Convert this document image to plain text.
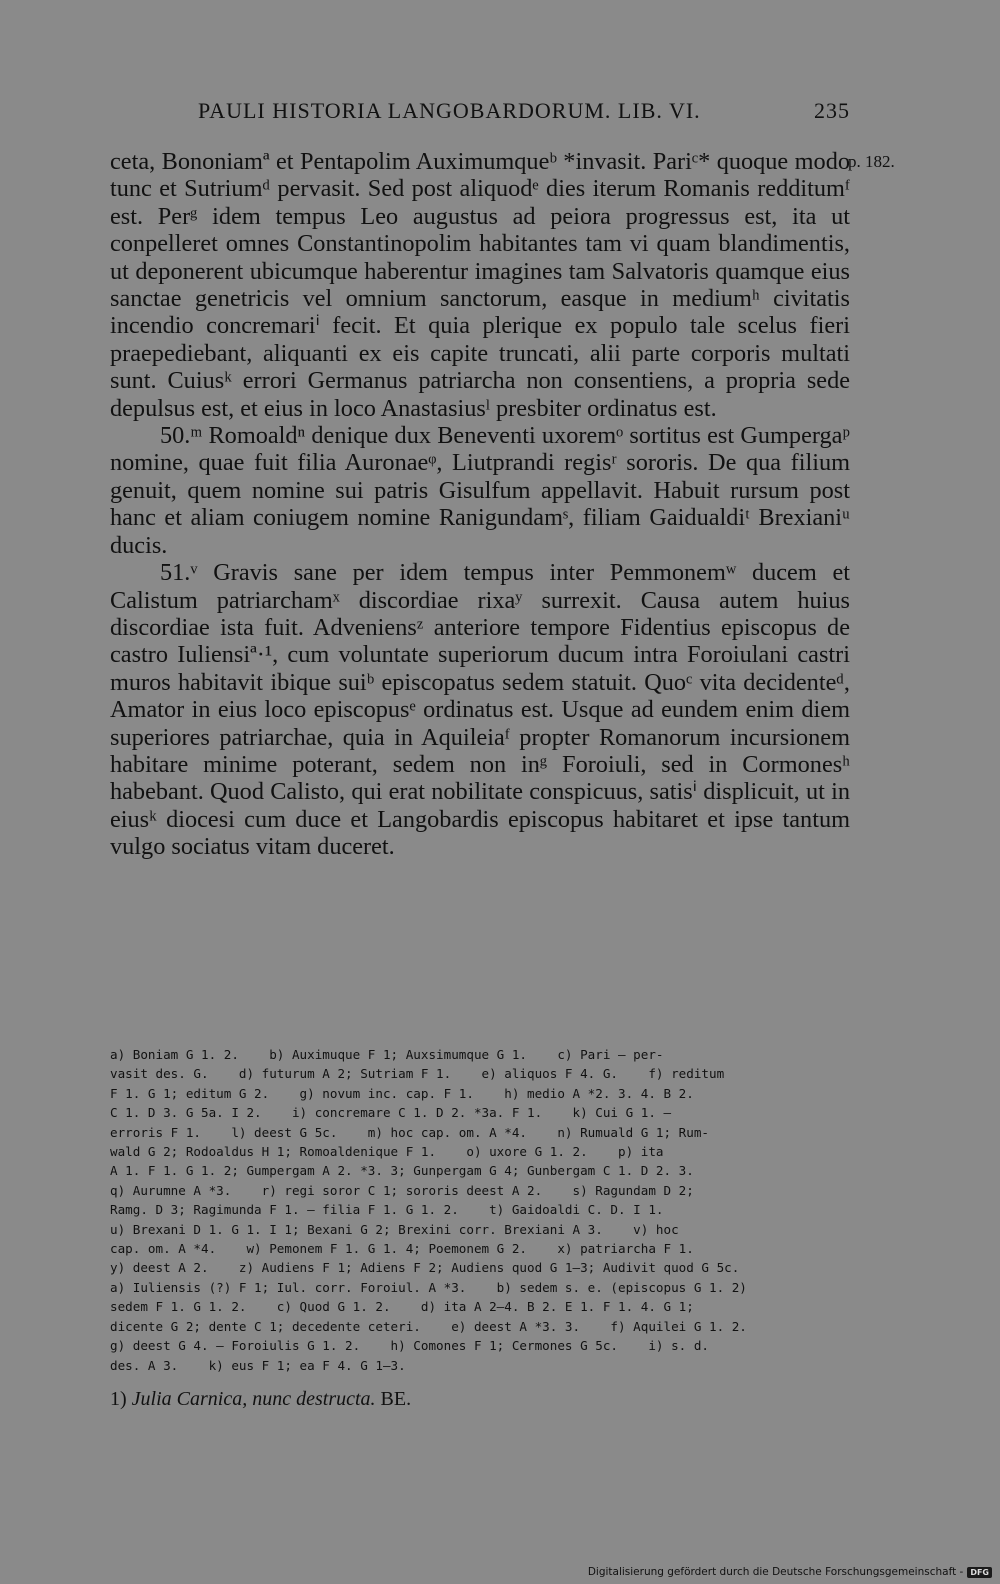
PAULI HISTORIA LANGOBARDORUM. LIB. VI.	235
p. 182.

ceta, Bononiamª et Pentapolim Auximumqueᵇ *invasit. Pariᶜ* quoque modo tunc et Sutriumᵈ pervasit. Sed post aliquodᵉ dies iterum Romanis redditumᶠ est. Perᵍ idem tempus Leo augustus ad peiora progressus est, ita ut conpelleret omnes Constantinopolim habitantes tam vi quam blandimentis, ut deponerent ubicumque haberentur imagines tam Salvatoris quamque eius sanctae genetricis vel omnium sanctorum, easque in mediumʰ civitatis incendio concremariⁱ fecit. Et quia plerique ex populo tale scelus fieri praepediebant, aliquanti ex eis capite truncati, alii parte corporis multati sunt. Cuiusᵏ errori Germanus patriarcha non consentiens, a propria sede depulsus est, et eius in loco Anastasiusˡ presbiter ordinatus est.

50.ᵐ Romoaldⁿ denique dux Beneventi uxoremᵒ sortitus est Gumpergaᵖ nomine, quae fuit filia Auronaeᵠ, Liutprandi regisʳ sororis. De qua filium genuit, quem nomine sui patris Gisulfum appellavit. Habuit rursum post hanc et aliam coniugem nomine Ranigundamˢ, filiam Gaidualdiᵗ Brexianiᵘ ducis.

51.ᵛ Gravis sane per idem tempus inter Pemmonemʷ ducem et Calistum patriarchamˣ discordiae rixaʸ surrexit. Causa autem huius discordiae ista fuit. Adveniensᶻ anteriore tempore Fidentius episcopus de castro Iuliensiª·¹, cum voluntate superiorum ducum intra Foroiulani castri muros habitavit ibique suiᵇ episcopatus sedem statuit. Quoᶜ vita decidenteᵈ, Amator in eius loco episcopusᵉ ordinatus est. Usque ad eundem enim diem superiores patriarchae, quia in Aquileiaᶠ propter Romanorum incursionem habitare minime poterant, sedem non inᵍ Foroiuli, sed in Cormonesʰ habebant. Quod Calisto, qui erat nobilitate conspicuus, satisⁱ displicuit, ut in eiusᵏ diocesi cum duce et Langobardis episcopus habitaret et ipse tantum vulgo sociatus vitam duceret.

a) Boniam G 1. 2.    b) Auximuque F 1; Auxsimumque G 1.    c) Pari — per-
vasit des. G.    d) futurum A 2; Sutriam F 1.    e) aliquos F 4. G.    f) reditum
F 1. G 1; editum G 2.    g) novum inc. cap. F 1.    h) medio A *2. 3. 4. B 2.
C 1. D 3. G 5a. I 2.    i) concremare C 1. D 2. *3a. F 1.    k) Cui G 1. —
erroris F 1.    l) deest G 5c.    m) hoc cap. om. A *4.    n) Rumuald G 1; Rum-
wald G 2; Rodoaldus H 1; Romoaldenique F 1.    o) uxore G 1. 2.    p) ita
A 1. F 1. G 1. 2; Gumpergam A 2. *3. 3; Gunpergam G 4; Gunbergam C 1. D 2. 3.
q) Aurumne A *3.    r) regi soror C 1; sororis deest A 2.    s) Ragundam D 2;
Ramg. D 3; Ragimunda F 1. — filia F 1. G 1. 2.    t) Gaidoaldi C. D. I 1.
u) Brexani D 1. G 1. I 1; Bexani G 2; Brexini corr. Brexiani A 3.    v) hoc
cap. om. A *4.    w) Pemonem F 1. G 1. 4; Poemonem G 2.    x) patriarcha F 1.
y) deest A 2.    z) Audiens F 1; Adiens F 2; Audiens quod G 1—3; Audivit quod G 5c.
a) Iuliensis (?) F 1; Iul. corr. Foroiul. A *3.    b) sedem s. e. (episcopus G 1. 2)
sedem F 1. G 1. 2.    c) Quod G 1. 2.    d) ita A 2—4. B 2. E 1. F 1. 4. G 1;
dicente G 2; dente C 1; decedente ceteri.    e) deest A *3. 3.    f) Aquilei G 1. 2.
g) deest G 4. — Foroiulis G 1. 2.    h) Comones F 1; Cermones G 5c.    i) s. d.
des. A 3.    k) eus F 1; ea F 4. G 1—3.
1) Julia Carnica, nunc destructa. BE.
Digitalisierung gefördert durch die Deutsche Forschungsgemeinschaft - DFG
